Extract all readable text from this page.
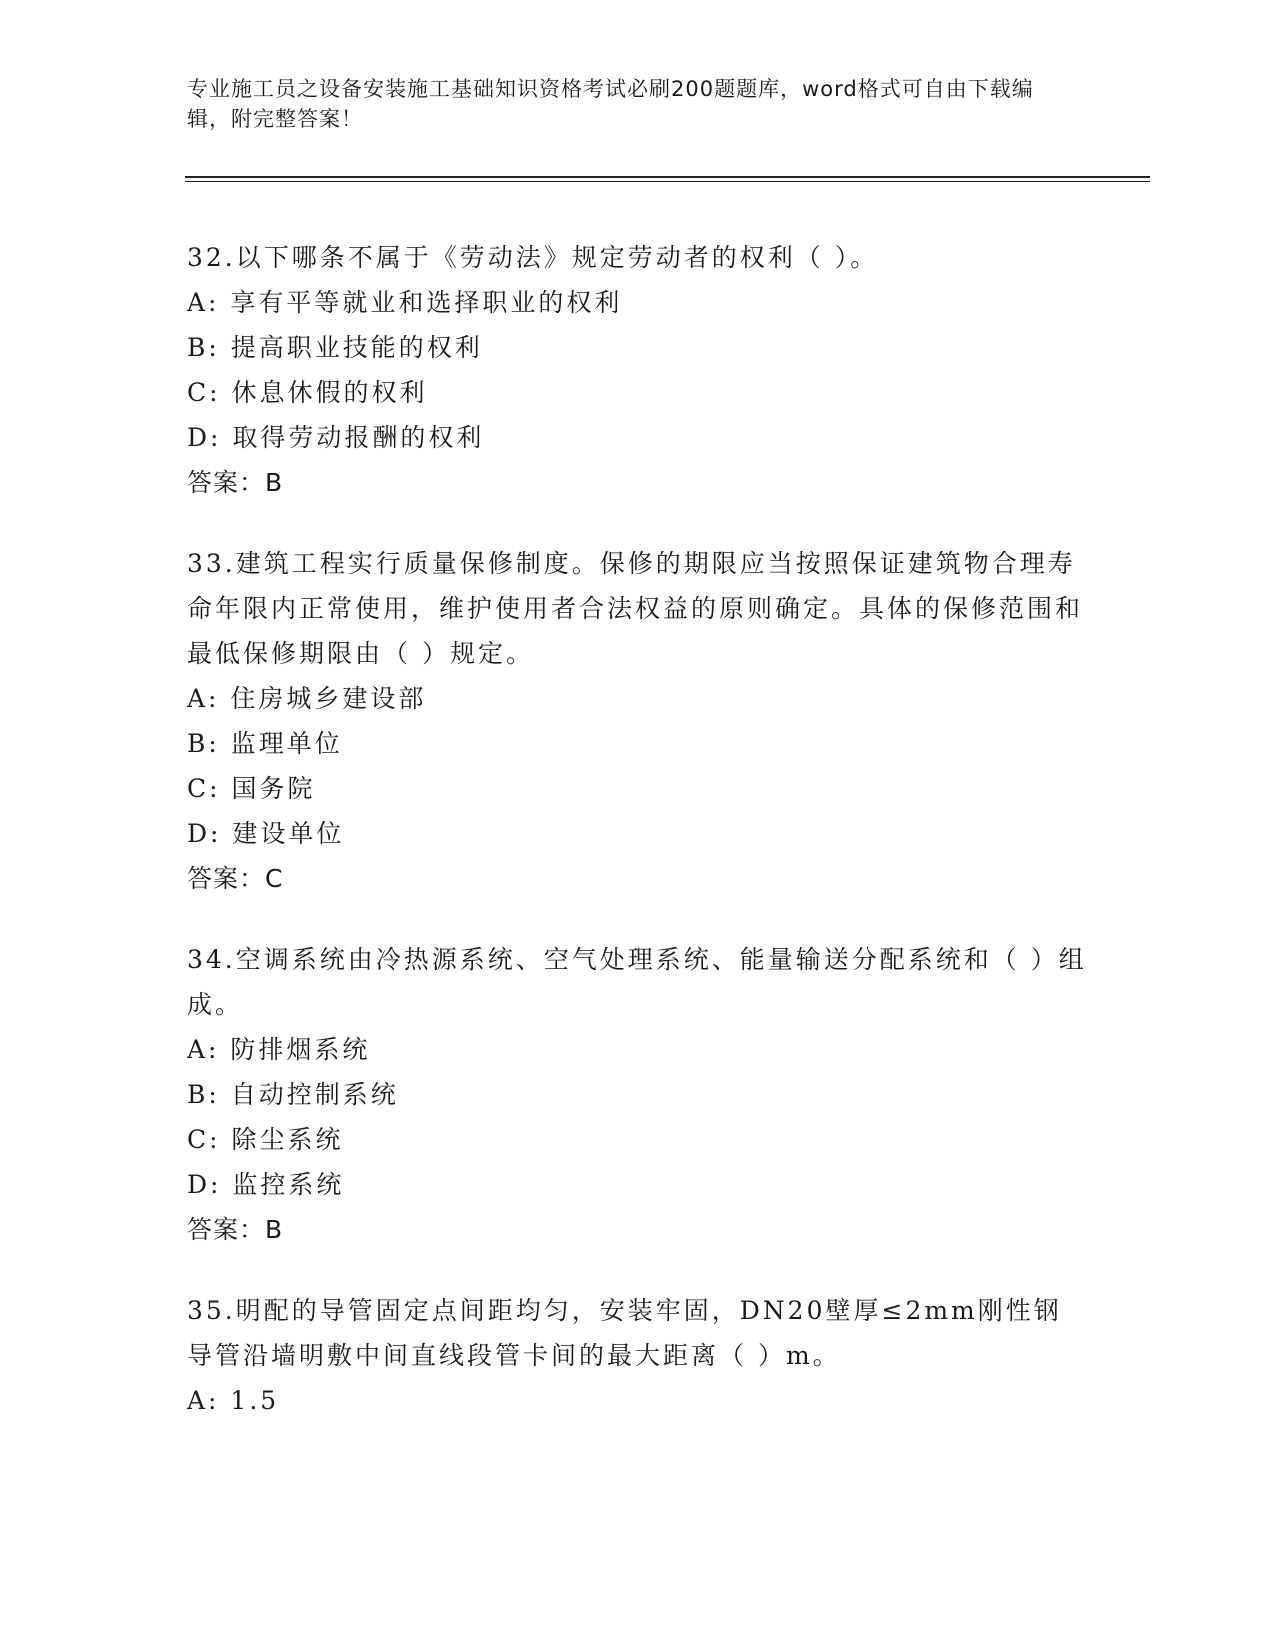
专业施工员之设备安装施工基础知识资格考试必刷200题题库，word格式可自由下载编辑，附完整答案！
32.以下哪条不属于《劳动法》规定劳动者的权利（ ）。
A: 享有平等就业和选择职业的权利
B: 提高职业技能的权利
C: 休息休假的权利
D: 取得劳动报酬的权利
答案：B
33.建筑工程实行质量保修制度。保修的期限应当按照保证建筑物合理寿命年限内正常使用，维护使用者合法权益的原则确定。具体的保修范围和最低保修期限由（ ）规定。
A: 住房城乡建设部
B: 监理单位
C: 国务院
D: 建设单位
答案：C
34.空调系统由冷热源系统、空气处理系统、能量输送分配系统和（ ）组成。
A: 防排烟系统
B: 自动控制系统
C: 除尘系统
D: 监控系统
答案：B
35.明配的导管固定点间距均匀，安装牢固，DN20壁厚≤2mm刚性钢导管沿墙明敷中间直线段管卡间的最大距离（ ）m。
A: 1.5
